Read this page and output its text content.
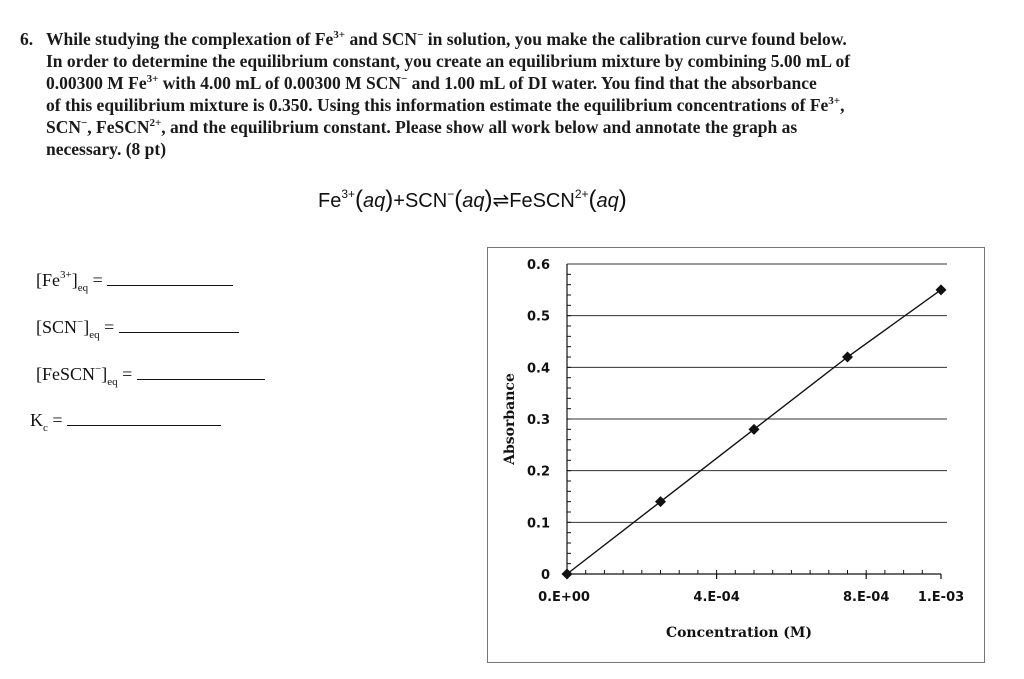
6. While studying the complexation of $Fe^{3+}$ and SCN− in solution, you make the calibration curve found below.
In order to determine the equilibrium constant, you create an equilibrium mixture by combining 5.00 mL of
0.00300 M $Fe^{3+}$ with 4.00 mL of 0.00300 M SCN− and 1.00 mL of DI water. You find that the absorbance
of this equilibrium mixture is 0.350. Using this information estimate the equilibrium concentrations of $Fe^{3+}$,
SCN−, FeSCN$^{2+}$, and the equilibrium constant. Please show all work below and annotate the graph as
necessary. (8 pt)
$Fe^{3+}(aq)+SCN^-(aq)\rightleftharpoons FeSCN^{2+}(aq)$
$[Fe^{3+}]_{eq}$ =
$[SCN^-]_{eq}$ =
$[FeSCN^-]_{eq}$ =
$K_c$ =	Absorbance
Concentration (M)
0
0.1
0.2
0.3
0.4
0.5
0.6
0.E+00	4.E-04	8.E-04 1.E-03
